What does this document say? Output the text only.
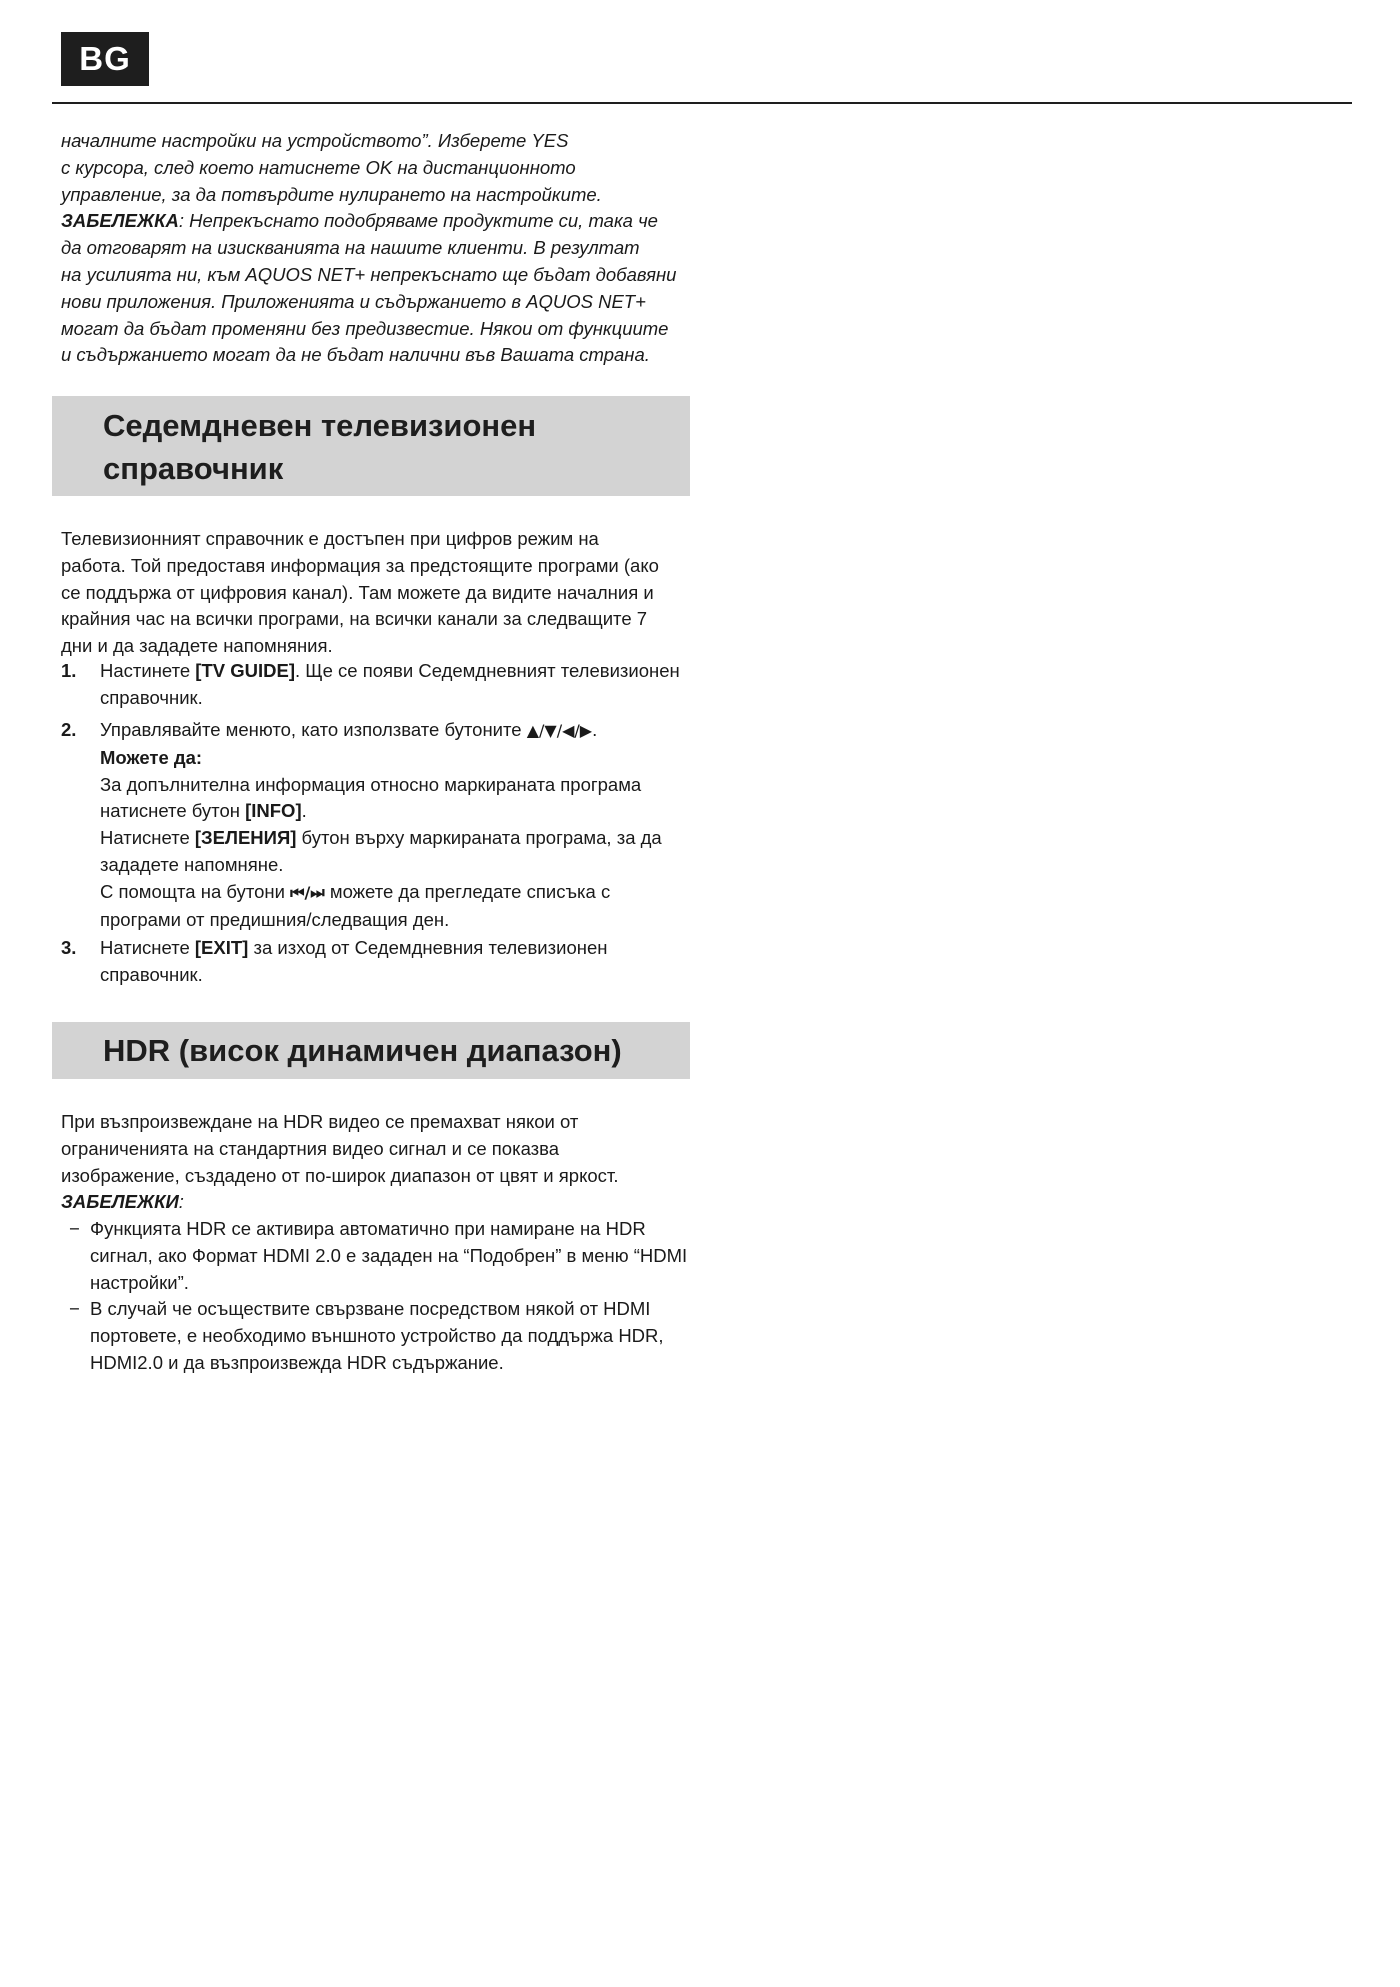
BG
началните настройки на устройството”. Изберете YES
с курсора, след което натиснете OK на дистанционното
управление, за да потвърдите нулирането на настройките.
ЗАБЕЛЕЖКА: Непрекъснато подобряваме продуктите си, така че
да отговарят на изискванията на нашите клиенти. В резултат
на усилията ни, към AQUOS NET+ непрекъснато ще бъдат добавяни
нови приложения. Приложенията и съдържанието в AQUOS NET+
могат да бъдат променяни без предизвестие. Някои от функциите
и съдържанието могат да не бъдат налични във Вашата страна.
Седемдневен телевизионен
справочник
Телевизионният справочник е достъпен при цифров режим на
работа. Той предоставя информация за предстоящите програми (ако
се поддържа от цифровия канал). Там можете да видите началния и
крайния час на всички програми, на всички канали за следващите 7
дни и да зададете напомняния.
1. Настинете [TV GUIDE]. Ще се появи Седемдневният телевизионен
справочник.
2. Управлявайте менюто, като използвате бутоните ▲/▼/◀/▶.
Можете да:
За допълнителна информация относно маркираната програма
натиснете бутон [INFO].
Натиснете [ЗЕЛЕНИЯ] бутон върху маркираната програма, за да
зададете напомняне.
С помощта на бутони ⏮/⏭ можете да прегледате списъка с
програми от предишния/следващия ден.
3. Натиснете [EXIT] за изход от Седемдневния телевизионен
справочник.
HDR (висок динамичен диапазон)
При възпроизвеждане на HDR видео се премахват някои от
ограниченията на стандартния видео сигнал и се показва
изображение, създадено от по-широк диапазон от цвят и яркост.
ЗАБЕЛЕЖКИ:
− Функцията HDR се активира автоматично при намиране на HDR
сигнал, ако Формат HDMI 2.0 е зададен на “Подобрен” в меню “HDMI
настройки”.
− В случай че осъществите свързване посредством някой от HDMI
портовете, е необходимо външното устройство да поддържа HDR,
HDMI2.0 и да възпроизвежда HDR съдържание.
